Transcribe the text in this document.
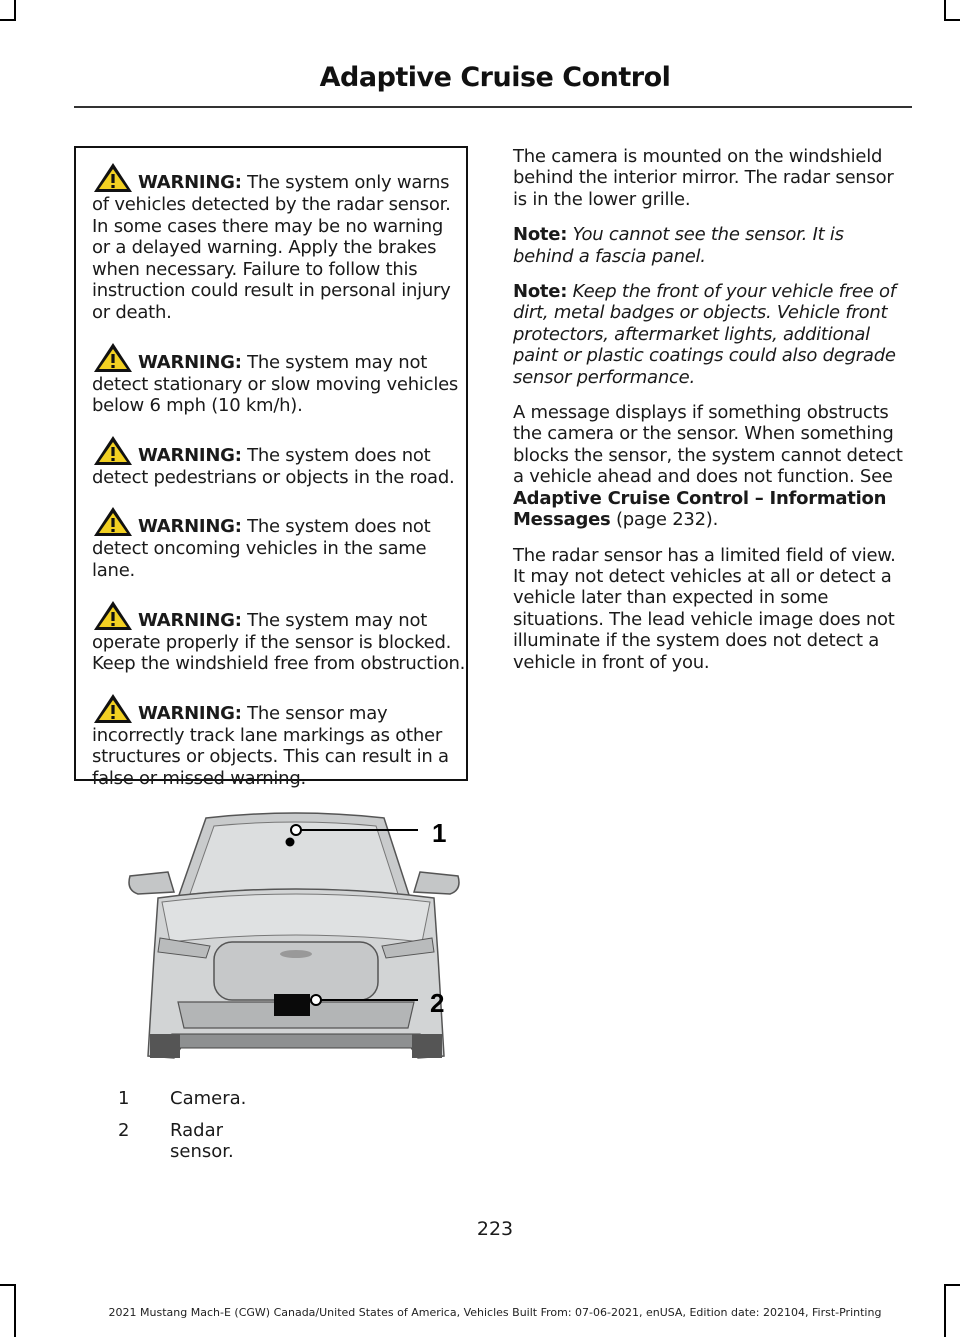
Adaptive Cruise Control

WARNING: The system only warns of vehicles detected by the radar sensor. In some cases there may be no warning or a delayed warning. Apply the brakes when necessary. Failure to follow this instruction could result in personal injury or death.

WARNING: The system may not detect stationary or slow moving vehicles below 6 mph (10 km/h).

WARNING: The system does not detect pedestrians or objects in the road.

WARNING: The system does not detect oncoming vehicles in the same lane.

WARNING: The system may not operate properly if the sensor is blocked. Keep the windshield free from obstruction.

WARNING: The sensor may incorrectly track lane markings as other structures or objects. This can result in a false or missed warning.

The camera is mounted on the windshield behind the interior mirror. The radar sensor is in the lower grille.

Note: You cannot see the sensor. It is behind a fascia panel.

Note: Keep the front of your vehicle free of dirt, metal badges or objects. Vehicle front protectors, aftermarket lights, additional paint or plastic coatings could also degrade sensor performance.

A message displays if something obstructs the camera or the sensor. When something blocks the sensor, the system cannot detect a vehicle ahead and does not function. See Adaptive Cruise Control – Information Messages (page 232).

The radar sensor has a limited field of view. It may not detect vehicles at all or detect a vehicle later than expected in some situations. The lead vehicle image does not illuminate if the system does not detect a vehicle in front of you.

1
2
1 Camera.
2 Radar sensor.
223
2021 Mustang Mach-E (CGW) Canada/United States of America, Vehicles Built From: 07-06-2021, enUSA, Edition date: 202104, First-Printing
